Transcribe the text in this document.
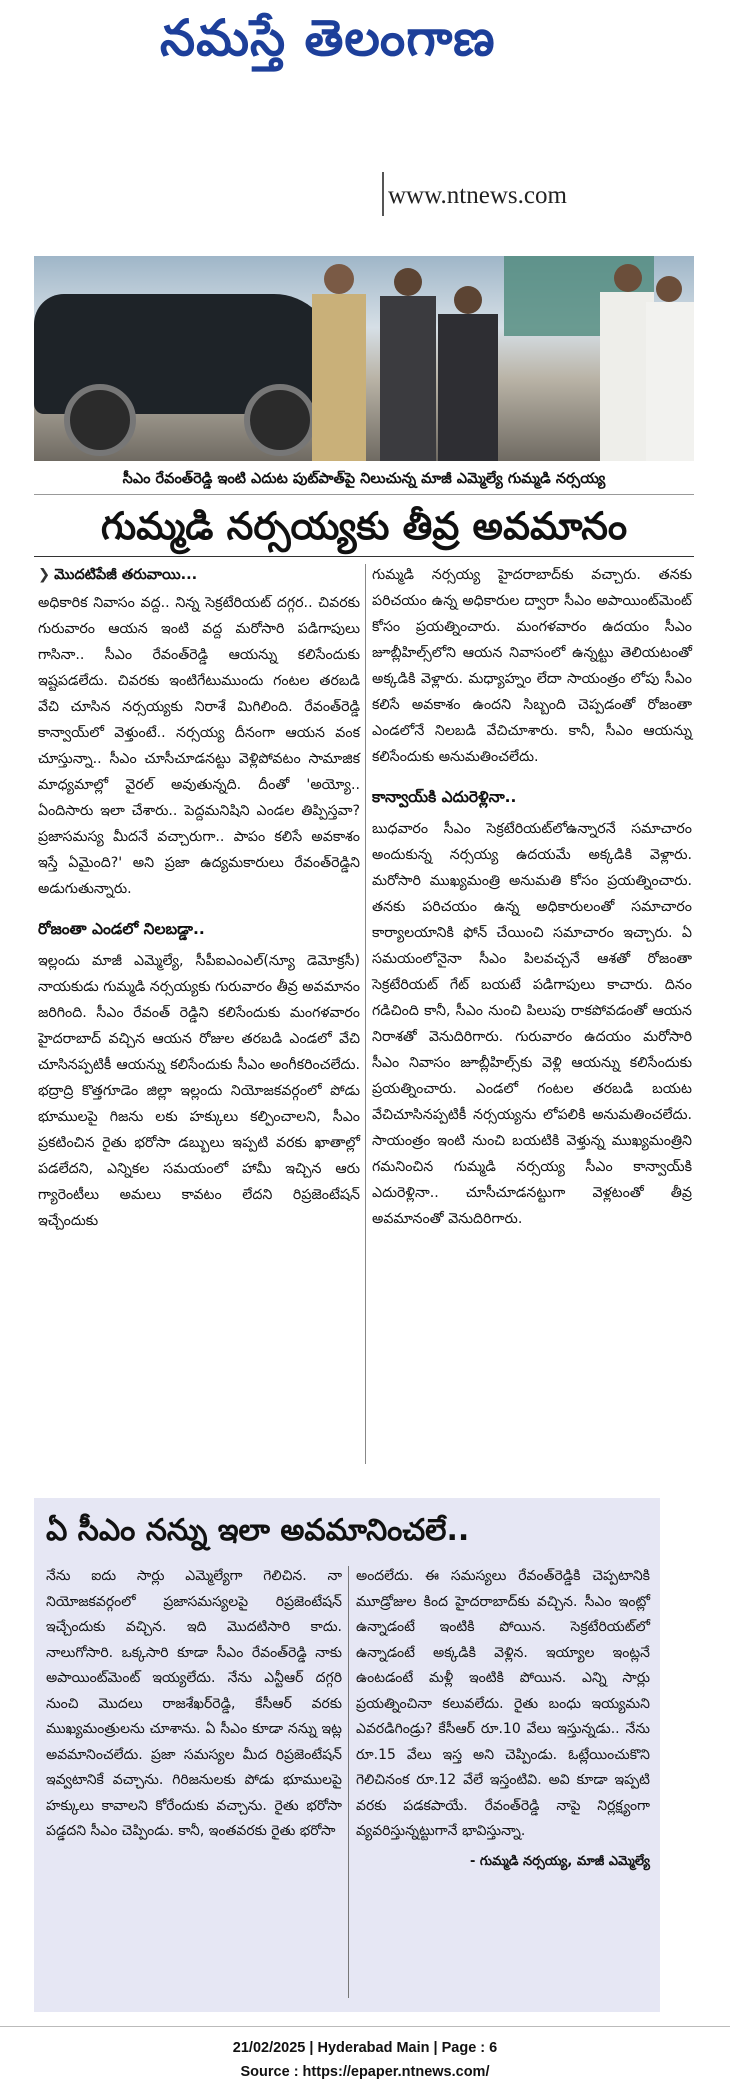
నమస్తే తెలంగాణ
www.ntnews.com
సీఎం రేవంత్‌రెడ్డి ఇంటి ఎదుట పుట్‌పాత్‌పై నిలుచున్న మాజీ ఎమ్మెల్యే గుమ్మడి నర్సయ్య
గుమ్మడి నర్సయ్యకు తీవ్ర అవమానం
❯ మొదటిపేజీ తరువాయి...

అధికారిక నివాసం వద్ద.. నిన్న సెక్రటేరియట్ దగ్గర.. చివరకు గురువారం ఆయన ఇంటి వద్ద మరోసారి పడిగాపులు గాసినా.. సీఎం రేవంత్‌రెడ్డి ఆయన్ను కలిసేందుకు ఇష్టపడలేదు. చివరకు ఇంటిగేటుముందు గంటల తరబడి వేచి చూసిన నర్సయ్యకు నిరాశే మిగిలింది. రేవంత్‌రెడ్డి కాన్వాయ్‌లో వెళ్తుంటే.. నర్సయ్య దీనంగా ఆయన వంక చూస్తున్నా.. సీఎం చూసీచూడనట్టు వెళ్లిపోవటం సామాజిక మాధ్యమాల్లో వైరల్ అవుతున్నది. దీంతో 'అయ్యో.. ఏందిసారు ఇలా చేశారు.. పెద్దమనిషిని ఎండల తిప్పిస్తవా? ప్రజాసమస్య మీదనే వచ్చారుగా.. పాపం కలిసే అవకాశం ఇస్తే ఏమైంది?' అని ప్రజా ఉద్యమకారులు రేవంత్‌రెడ్డిని అడుగుతున్నారు.

రోజంతా ఎండలో నిలబడ్డా..

ఇల్లందు మాజీ ఎమ్మెల్యే, సీపీఐఎంఎల్(న్యూ డెమోక్రసీ) నాయకుడు గుమ్మడి నర్సయ్యకు గురువారం తీవ్ర అవమానం జరిగింది. సీఎం రేవంత్ రెడ్డిని కలిసేందుకు మంగళవారం హైదరాబాద్ వచ్చిన ఆయన రోజుల తరబడి ఎండలో వేచి చూసినప్పటికీ ఆయన్ను కలిసేందుకు సీఎం అంగీకరించలేదు. భద్రాద్రి కొత్తగూడెం జిల్లా ఇల్లందు నియోజకవర్గంలో పోడు భూములపై గిజను లకు హక్కులు కల్పించాలని, సీఎం ప్రకటించిన రైతు భరోసా డబ్బులు ఇప్పటి వరకు ఖాతాల్లో పడలేదని, ఎన్నికల సమయంలో హామీ ఇచ్చిన ఆరు గ్యారెంటీలు అమలు కావటం లేదని రిప్రజెంటేషన్ ఇచ్చేందుకు

గుమ్మడి నర్సయ్య హైదరాబాద్‌కు వచ్చారు. తనకు పరిచయం ఉన్న అధికారుల ద్వారా సీఎం అపాయింట్‌మెంట్ కోసం ప్రయత్నించారు. మంగళవారం ఉదయం సీఎం జూబ్లీహిల్స్‌లోని ఆయన నివాసంలో ఉన్నట్టు తెలియటంతో అక్కడికి వెళ్లారు. మధ్యాహ్నం లేదా సాయంత్రం లోపు సీఎం కలిసే అవకాశం ఉందని సిబ్బంది చెప్పడంతో రోజంతా ఎండలోనే నిలబడి వేచిచూశారు. కానీ, సీఎం ఆయన్ను కలిసేందుకు అనుమతించలేదు.

కాన్వాయ్‌కి ఎదురెళ్లినా..

బుధవారం సీఎం సెక్రటేరియట్‌లోఉన్నారనే సమాచారం అందుకున్న నర్సయ్య ఉదయమే అక్కడికి వెళ్లారు. మరోసారి ముఖ్యమంత్రి అనుమతి కోసం ప్రయత్నించారు. తనకు పరిచయం ఉన్న అధికారులంతో సమాచారం కార్యాలయానికి ఫోన్ చేయించి సమాచారం ఇచ్చారు. ఏ సమయంలోనైనా సీఎం పిలవచ్చనే ఆశతో రోజంతా సెక్రటేరియట్ గేట్ బయటే పడిగాపులు కాచారు. దినం గడిచింది కానీ, సీఎం నుంచి పిలుపు రాకపోవడంతో ఆయన నిరాశతో వెనుదిరిగారు. గురువారం ఉదయం మరోసారి సీఎం నివాసం జూబ్లీహిల్స్‌కు వెళ్లి ఆయన్ను కలిసేందుకు ప్రయత్నించారు. ఎండలో గంటల తరబడి బయట వేచిచూసినప్పటికీ నర్సయ్యను లోపలికి అనుమతించలేదు. సాయంత్రం ఇంటి నుంచి బయటికి వెళ్తున్న ముఖ్యమంత్రిని గమనించిన గుమ్మడి నర్సయ్య సీఎం కాన్వాయ్‌కి ఎదురెళ్లినా.. చూసీచూడనట్టుగా వెళ్లటంతో తీవ్ర అవమానంతో వెనుదిరిగారు.

ఏ సీఎం నన్ను ఇలా అవమానించలే..

నేను ఐదు సార్లు ఎమ్మెల్యేగా గెలిచిన. నా నియోజకవర్గంలో ప్రజాసమస్యలపై రిప్రజెంటేషన్ ఇచ్చేందుకు వచ్చిన. ఇది మొదటిసారి కాదు. నాలుగోసారి. ఒక్కసారి కూడా సీఎం రేవంత్‌రెడ్డి నాకు అపాయింట్‌మెంట్ ఇయ్యలేదు. నేను ఎన్టీఆర్ దగ్గరి నుంచి మొదలు రాజశేఖర్‌రెడ్డి, కేసీఆర్ వరకు ముఖ్యమంత్రులను చూశాను. ఏ సీఎం కూడా నన్ను ఇట్ల అవమానించలేదు. ప్రజా సమస్యల మీద రిప్రజెంటేషన్ ఇవ్వటానికే వచ్చాను. గిరిజనులకు పోడు భూములపై హక్కులు కావాలని కోరేందుకు వచ్చాను. రైతు భరోసా పడ్డదని సీఎం చెప్పిండు. కానీ, ఇంతవరకు రైతు భరోసా

అందలేదు. ఈ సమస్యలు రేవంత్‌రెడ్డికి చెప్పటానికి మూడ్రోజుల కింద హైదరాబాద్‌కు వచ్చిన. సీఎం ఇంట్లో ఉన్నాడంటే ఇంటికి పోయిన. సెక్రటేరియట్‌లో ఉన్నాడంటే అక్కడికి వెళ్లిన. ఇయ్యాల ఇంట్లనే ఉంటడంటే మళ్లీ ఇంటికి పోయిన. ఎన్ని సార్లు ప్రయత్నించినా కలువలేదు. రైతు బంధు ఇయ్యమని ఎవరడిగిండ్రు? కేసీఆర్ రూ.10 వేలు ఇస్తున్నడు.. నేను రూ.15 వేలు ఇస్త అని చెప్పిండు. ఓట్లేయించుకొని గెలిచినంక రూ.12 వేలే ఇస్తంటివి. అవి కూడా ఇప్పటి వరకు పడకపాయే. రేవంత్‌రెడ్డి నాపై నిర్లక్ష్యంగా వ్యవరిస్తున్నట్టుగానే భావిస్తున్నా.

- గుమ్మడి నర్సయ్య, మాజీ ఎమ్మెల్యే

21/02/2025 | Hyderabad Main | Page : 6
Source : https://epaper.ntnews.com/
